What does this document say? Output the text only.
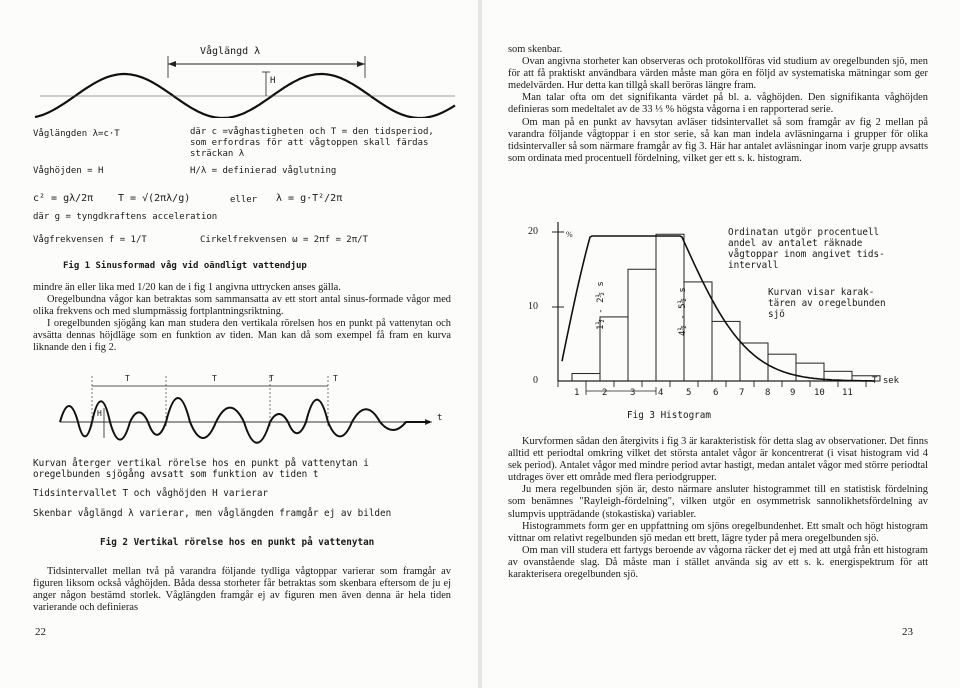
Våglängd λ
H
Våglängden λ=c·T	där c =våghastigheten och T = den tidsperiod,
som erfordras för att vågtoppen skall färdas
sträckan λ
Våghöjden = H	H/λ = definierad våglutning
c² = gλ/2π T = √(2πλ/g)	eller λ = g·T²/2π
där g = tyngdkraftens acceleration
Vågfrekvensen f = 1/T	Cirkelfrekvensen ω = 2πf = 2π/T
Fig 1 Sinusformad våg vid oändligt vattendjup

mindre än eller lika med 1/20 kan de i fig 1 angivna uttrycken anses gälla.

Oregelbundna vågor kan betraktas som sammansatta av ett stort antal sinus-formade vågor med olika frekvens och med slumpmässig fortplantningsriktning.

I oregelbunden sjögång kan man studera den vertikala rörelsen hos en punkt på vattenytan och avsätta dennas höjdläge som en funktion av tiden. Man kan då som exempel få fram en kurva liknande den i fig 2.

t
T	T	T	T
H
Kurvan återger vertikal rörelse hos en punkt på vattenytan i
oregelbunden sjögång avsatt som funktion av tiden t
Tidsintervallet T och våghöjden H varierar
Skenbar våglängd λ varierar, men våglängden framgår ej av bilden
Fig 2 Vertikal rörelse hos en punkt på vattenytan

Tidsintervallet mellan två på varandra följande tydliga vågtoppar varierar som framgår av figuren liksom också våghöjden. Båda dessa storheter får betraktas som skenbara eftersom de ju ej anger någon bestämd storlek. Våglängden framgår ej av figuren men även denna är hela tiden varierande och definieras

22

som skenbar.

Ovan angivna storheter kan observeras och protokollföras vid studium av oregelbunden sjö, men för att få praktiskt användbara värden måste man göra en följd av systematiska mätningar som ger medelvärden. Hur detta kan tillgå skall beröras längre fram.

Man talar ofta om det signifikanta värdet på bl. a. våghöjden. Den signifikanta våghöjden definieras som medeltalet av de 33 ⅓ % högsta vågorna i en rapporterad serie.

Om man på en punkt av havsytan avläser tidsintervallet så som framgår av fig 2 mellan på varandra följande vågtoppar i en stor serie, så kan man indela avläsningarna i grupper för olika tidsintervaller så som närmare framgår av fig 3. Här har antalet avläsningar inom varje grupp avsatts som ordinata med procentuell fördelning, vilket ger ett s. k. histogram.

20	%
10
0	T sek
1	2	3	4	5 6 7 8 9 10 11
1½ - 2½ s	4½ - 5½ s
Ordinatan utgör procentuell
andel av antalet räknade
vågtoppar inom angivet tids-
intervall
Kurvan visar karak-
tären av oregelbunden
sjö
Fig 3 Histogram

Kurvformen sådan den återgivits i fig 3 är karakteristisk för detta slag av observationer. Det finns alltid ett periodtal omkring vilket det största antalet vågor är koncentrerat (i visat histogram vid 4 sek period). Antalet vågor med mindre period avtar hastigt, medan antalet vågor med större periodtal utdrages över ett område med flera periodgrupper.

Ju mera regelbunden sjön är, desto närmare ansluter histogrammet till en statistisk fördelning som benämnes "Rayleigh-fördelning", vilken utgör en osymmetrisk sannolikhetsfördelning av slumpvis uppträdande (stokastiska) variabler.

Histogrammets form ger en uppfattning om sjöns oregelbundenhet. Ett smalt och högt histogram vittnar om relativt regelbunden sjö medan ett brett, lägre tyder på mera oregelbunden sjö.

Om man vill studera ett fartygs beroende av vågorna räcker det ej med att utgå från ett histogram av ovanstående slag. Då måste man i stället använda sig av ett s. k. energispektrum för att karakterisera oregelbunden sjö.

23
